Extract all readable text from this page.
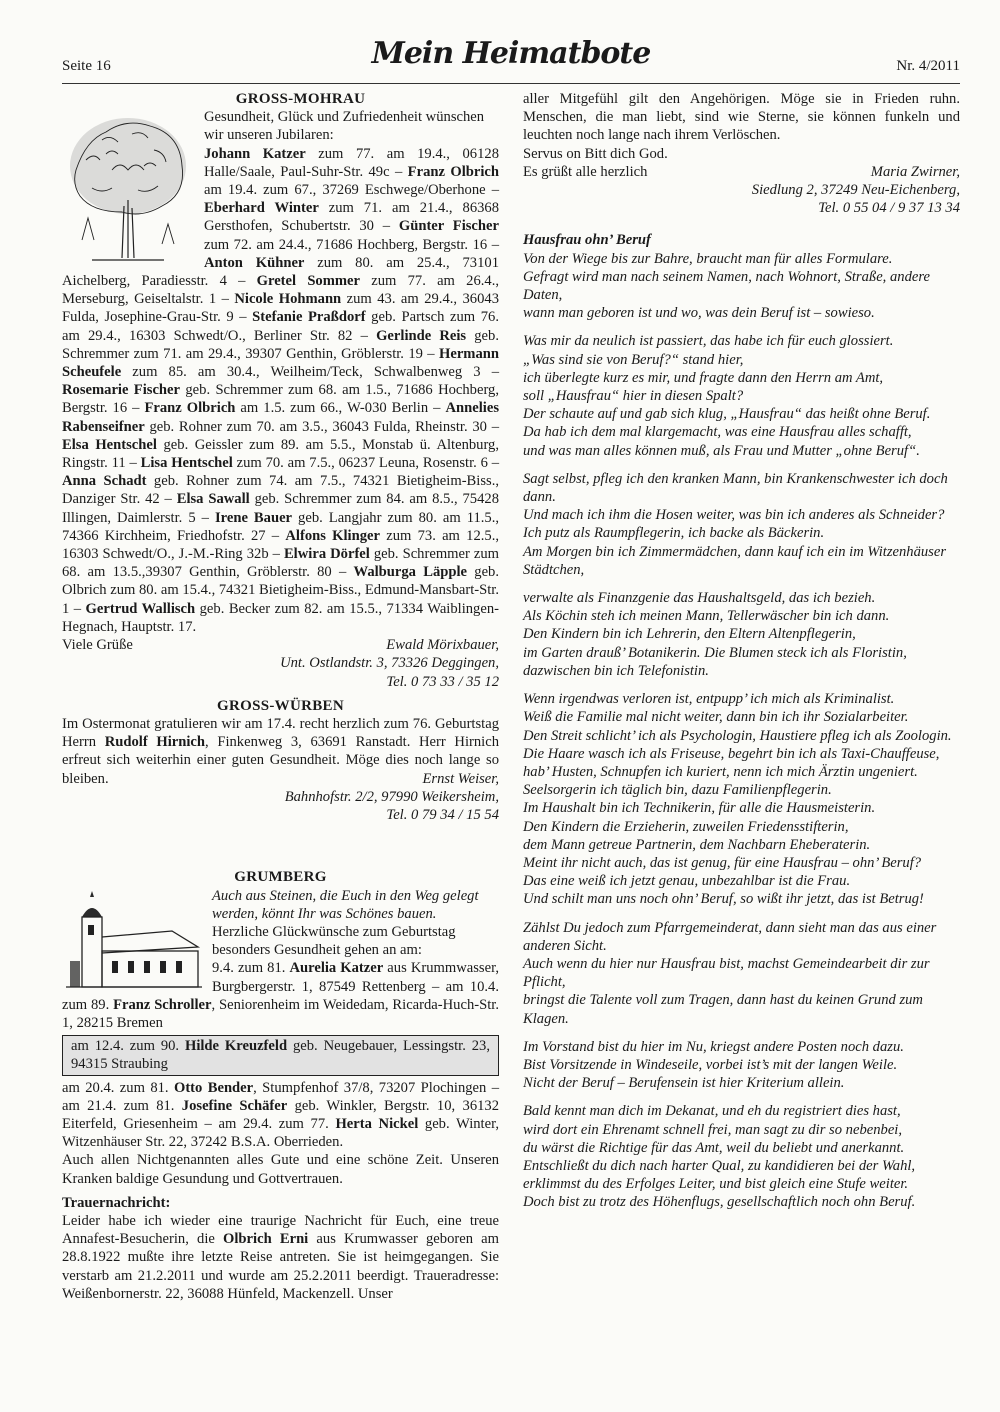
Seite 16	Mein Heimatbote	Nr. 4/2011
GROSS-MOHRAU

Gesundheit, Glück und Zufriedenheit wünschen wir unseren Jubilaren:

Johann Katzer zum 77. am 19.4., 06128 Halle/Saale, Paul-Suhr-Str. 49c – Franz Olbrich am 19.4. zum 67., 37269 Eschwege/Oberhone – Eberhard Winter zum 71. am 21.4., 86368 Gersthofen, Schubertstr. 30 – Günter Fischer zum 72. am 24.4., 71686 Hochberg, Bergstr. 16 – Anton Kühner zum 80. am 25.4., 73101 Aichelberg, Paradiesstr. 4 – Gretel Sommer zum 77. am 26.4., Merseburg, Geiseltalstr. 1 – Nicole Hohmann zum 43. am 29.4., 36043 Fulda, Josephine-Grau-Str. 9 – Stefanie Praßdorf geb. Partsch zum 76. am 29.4., 16303 Schwedt/O., Berliner Str. 82 – Gerlinde Reis geb. Schremmer zum 71. am 29.4., 39307 Genthin, Gröblerstr. 19 – Hermann Scheufele zum 85. am 30.4., Weilheim/Teck, Schwalbenweg 3 – Rosemarie Fischer geb. Schremmer zum 68. am 1.5., 71686 Hochberg, Bergstr. 16 – Franz Olbrich am 1.5. zum 66., W-030 Berlin – Annelies Rabenseifner geb. Rohner zum 70. am 3.5., 36043 Fulda, Rheinstr. 30 – Elsa Hentschel geb. Geissler zum 89. am 5.5., Monstab ü. Altenburg, Ringstr. 11 – Lisa Hentschel zum 70. am 7.5., 06237 Leuna, Rosenstr. 6 – Anna Schadt geb. Rohner zum 74. am 7.5., 74321 Bietigheim-Biss., Danziger Str. 42 – Elsa Sawall geb. Schremmer zum 84. am 8.5., 75428 Illingen, Daimlerstr. 5 – Irene Bauer geb. Langjahr zum 80. am 11.5., 74366 Kirchheim, Friedhofstr. 27 – Alfons Klinger zum 73. am 12.5., 16303 Schwedt/O., J.-M.-Ring 32b – Elwira Dörfel geb. Schremmer zum 68. am 13.5.,39307 Genthin, Gröblerstr. 80 – Walburga Läpple geb. Olbrich zum 80. am 15.4., 74321 Bietigheim-Biss., Edmund-Mansbart-Str. 1 – Gertrud Wallisch geb. Becker zum 82. am 15.5., 71334 Waiblingen-Hegnach, Hauptstr. 17.

Viele Grüße	Ewald Mörixbauer,
Unt. Ostlandstr. 3, 73326 Deggingen,
Tel. 0 73 33 / 35 12
GROSS-WÜRBEN

Im Ostermonat gratulieren wir am 17.4. recht herzlich zum 76. Geburtstag Herrn Rudolf Hirnich, Finkenweg 3, 63691 Ranstadt. Herr Hirnich erfreut sich weiterhin einer guten Gesundheit. Möge dies noch lange so bleiben.	Ernst Weiser,
Bahnhofstr. 2/2, 97990 Weikersheim,
Tel. 0 79 34 / 15 54
GRUMBERG

Auch aus Steinen, die Euch in den Weg gelegt werden, könnt Ihr was Schönes bauen.

Herzliche Glückwünsche zum Geburtstag besonders Gesundheit gehen an am:

9.4. zum 81. Aurelia Katzer aus Krummwasser, Burgbergerstr. 1, 87549 Rettenberg – am 10.4. zum 89. Franz Schroller, Seniorenheim im Weidedam, Ricarda-Huch-Str. 1, 28215 Bremen

am 12.4. zum 90. Hilde Kreuzfeld geb. Neugebauer, Lessingstr. 23, 94315 Straubing

am 20.4. zum 81. Otto Bender, Stumpfenhof 37/8, 73207 Plochingen – am 21.4. zum 81. Josefine Schäfer geb. Winkler, Bergstr. 10, 36132 Eiterfeld, Griesenheim – am 29.4. zum 77. Herta Nickel geb. Winter, Witzenhäuser Str. 22, 37242 B.S.A. Oberrieden.

Auch allen Nichtgenannten alles Gute und eine schöne Zeit. Unseren Kranken baldige Gesundung und Gottvertrauen.

Trauernachricht:

Leider habe ich wieder eine traurige Nachricht für Euch, eine treue Annafest-Besucherin, die Olbrich Erni aus Krumwasser geboren am 28.8.1922 mußte ihre letzte Reise antreten. Sie ist heimgegangen. Sie verstarb am 21.2.2011 und wurde am 25.2.2011 beerdigt. Traueradresse: Weißenbornerstr. 22, 36088 Hünfeld, Mackenzell. Unser

aller Mitgefühl gilt den Angehörigen. Möge sie in Frieden ruhn. Menschen, die man liebt, sind wie Sterne, sie können funkeln und leuchten noch lange nach ihrem Verlöschen.

Servus on Bitt dich God.

Es grüßt alle herzlich	Maria Zwirner,
Siedlung 2, 37249 Neu-Eichenberg,
Tel. 0 55 04 / 9 37 13 34

Hausfrau ohn’ Beruf

Von der Wiege bis zur Bahre, braucht man für alles Formulare.

Gefragt wird man nach seinem Namen, nach Wohnort, Straße, andere Daten,

wann man geboren ist und wo, was dein Beruf ist – sowieso.

Was mir da neulich ist passiert, das habe ich für euch glossiert.

„Was sind sie von Beruf?“ stand hier,

ich überlegte kurz es mir, und fragte dann den Herrn am Amt,

soll „Hausfrau“ hier in diesen Spalt?

Der schaute auf und gab sich klug, „Hausfrau“ das heißt ohne Beruf.

Da hab ich dem mal klargemacht, was eine Hausfrau alles schafft,

und was man alles können muß, als Frau und Mutter „ohne Beruf“.

Sagt selbst, pfleg ich den kranken Mann, bin Krankenschwester ich doch dann.

Und mach ich ihm die Hosen weiter, was bin ich anderes als Schneider?

Ich putz als Raumpflegerin, ich backe als Bäckerin.

Am Morgen bin ich Zimmermädchen, dann kauf ich ein im Witzenhäuser Städtchen,

verwalte als Finanzgenie das Haushaltsgeld, das ich bezieh.

Als Köchin steh ich meinen Mann, Tellerwäscher bin ich dann.

Den Kindern bin ich Lehrerin, den Eltern Altenpflegerin,

im Garten drauß’ Botanikerin. Die Blumen steck ich als Floristin,

dazwischen bin ich Telefonistin.

Wenn irgendwas verloren ist, entpupp’ ich mich als Kriminalist.

Weiß die Familie mal nicht weiter, dann bin ich ihr Sozialarbeiter.

Den Streit schlicht’ ich als Psychologin, Haustiere pfleg ich als Zoologin.

Die Haare wasch ich als Friseuse, begehrt bin ich als Taxi-Chauffeuse,

hab’ Husten, Schnupfen ich kuriert, nenn ich mich Ärztin ungeniert.

Seelsorgerin ich täglich bin, dazu Familienpflegerin.

Im Haushalt bin ich Technikerin, für alle die Hausmeisterin.

Den Kindern die Erzieherin, zuweilen Friedensstifterin,

dem Mann getreue Partnerin, dem Nachbarn Eheberaterin.

Meint ihr nicht auch, das ist genug, für eine Hausfrau – ohn’ Beruf?

Das eine weiß ich jetzt genau, unbezahlbar ist die Frau.

Und schilt man uns noch ohn’ Beruf, so wißt ihr jetzt, das ist Betrug!

Zählst Du jedoch zum Pfarrgemeinderat, dann sieht man das aus einer anderen Sicht.

Auch wenn du hier nur Hausfrau bist, machst Gemeindearbeit dir zur Pflicht,

bringst die Talente voll zum Tragen, dann hast du keinen Grund zum Klagen.

Im Vorstand bist du hier im Nu, kriegst andere Posten noch dazu.

Bist Vorsitzende in Windeseile, vorbei ist’s mit der langen Weile.

Nicht der Beruf – Berufensein ist hier Kriterium allein.

Bald kennt man dich im Dekanat, und eh du registriert dies hast,

wird dort ein Ehrenamt schnell frei, man sagt zu dir so nebenbei,

du wärst die Richtige für das Amt, weil du beliebt und anerkannt.

Entschließt du dich nach harter Qual, zu kandidieren bei der Wahl,

erklimmst du des Erfolges Leiter, und bist gleich eine Stufe weiter.

Doch bist zu trotz des Höhenflugs, gesellschaftlich noch ohn Beruf.
